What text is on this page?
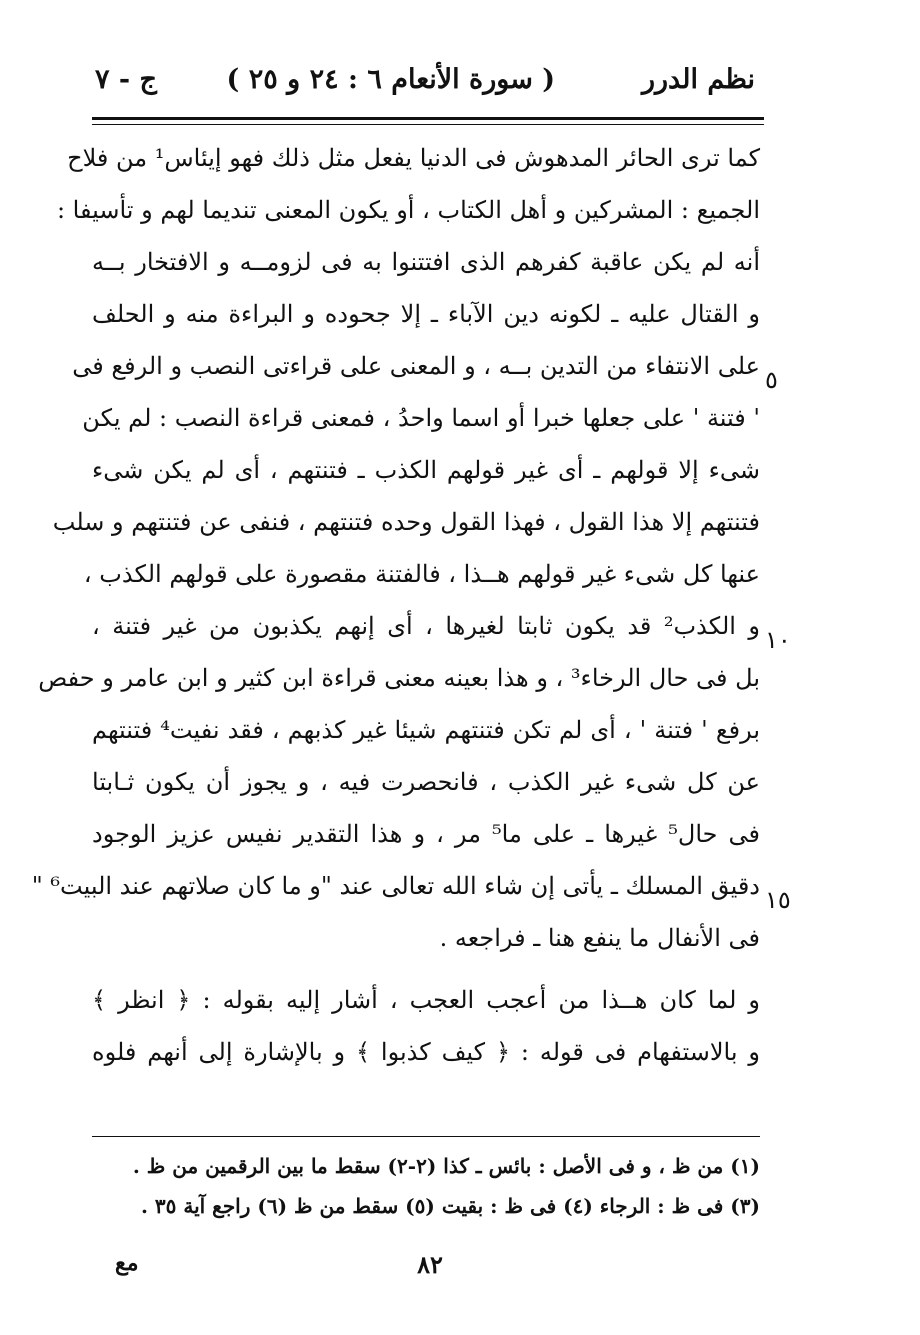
نظم الدرر
( سورة الأنعام ٦ : ٢٤ و ٢٥ )
ج - ٧
كما ترى الحائر المدهوش فى الدنيا يفعل مثل ذلك فهو إيئاس¹ من فلاح
الجميع : المشركين و أهل الكتاب ، أو يكون المعنى تنديما لهم و تأسيفا :
أنه لم يكن عاقبة كفرهم الذى افتتنوا به فى لزومــه و الافتخار بــه
و القتال عليه ـ لكونه دين الآباء ـ إلا جحوده و البراءة منه و الحلف
على الانتفاء من التدين بــه ، و المعنى على قراءتى النصب و الرفع فى
' فتنة ' على جعلها خبرا أو اسما واحدُ ، فمعنى قراءة النصب : لم يكن
شىء إلا قولهم ـ أى غير قولهم الكذب ـ فتنتهم ، أى لم يكن شىء
فتنتهم إلا هذا القول ، فهذا القول وحده فتنتهم ، فنفى عن فتنتهم و سلب
عنها كل شىء غير قولهم هــذا ، فالفتنة مقصورة على قولهم الكذب ،
و الكذب² قد يكون ثابتا لغيرها ، أى إنهم يكذبون من غير فتنة ،
بل فى حال الرخاء³ ، و هذا بعينه معنى قراءة ابن كثير و ابن عامر و حفص
برفع ' فتنة ' ، أى لم تكن فتنتهم شيئا غير كذبهم ، فقد نفيت⁴ فتنتهم
عن كل شىء غير الكذب ، فانحصرت فيه ، و يجوز أن يكون ثـابتا
فى حال⁵ غيرها ـ على ما⁵ مر ، و هذا التقدير نفيس عزيز الوجود
دقيق المسلك ـ يأتى إن شاء الله تعالى عند "و ما كان صلاتهم عند البيت⁶ "
فى الأنفال ما ينفع هنا ـ فراجعه .
و لما كان هــذا من أعجب العجب ، أشار إليه بقوله : ﴿ انظر ﴾
و بالاستفهام فى قوله : ﴿ كيف كذبوا ﴾ و بالإشارة إلى أنهم فلوه
٥
١٠
١٥
(١) من ظ ، و فى الأصل : بائس ـ كذا (٢-٢) سقط ما بين الرقمين من ظ .
(٣) فى ظ : الرجاء (٤) فى ظ : بقيت (٥) سقط من ظ (٦) راجع آية ٣٥ .
٨٢
مع
